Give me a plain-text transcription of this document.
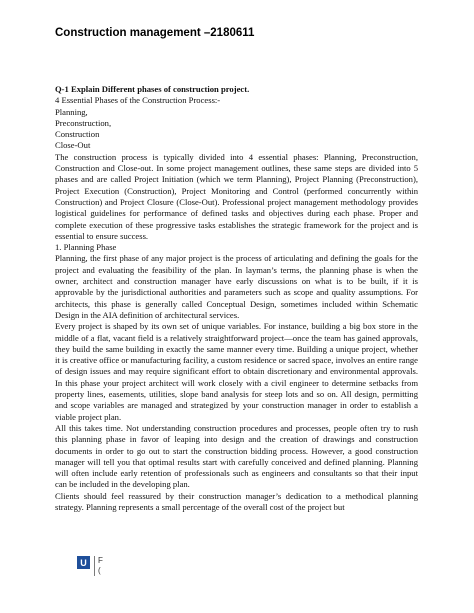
Construction management –2180611

Q-1 Explain Different phases of construction project.

4 Essential Phases of the Construction Process:-

Planning,

Preconstruction,

Construction

Close-Out

The construction process is typically divided into 4 essential phases: Planning, Preconstruction, Construction and Close-out. In some project management outlines, these same steps are divided into 5 phases and are called Project Initiation (which we term Planning), Project Planning (Preconstruction), Project Execution (Construction), Project Monitoring and Control (performed concurrently within Construction) and Project Closure (Close-Out). Professional project management methodology provides logistical guidelines for performance of defined tasks and objectives during each phase. Proper and complete execution of these progressive tasks establishes the strategic framework for the project and is essential to ensure success.

1. Planning Phase

Planning, the first phase of any major project is the process of articulating and defining the goals for the project and evaluating the feasibility of the plan. In layman’s terms, the planning phase is when the owner, architect and construction manager have early discussions on what is to be built, if it is approvable by the jurisdictional authorities and parameters such as scope and quality assumptions. For architects, this phase is generally called Conceptual Design, sometimes included within Schematic Design in the AIA definition of architectural services.

Every project is shaped by its own set of unique variables. For instance, building a big box store in the middle of a flat, vacant field is a relatively straightforward project—once the team has gained approvals, they build the same building in exactly the same manner every time. Building a unique project, whether it is creative office or manufacturing facility, a custom residence or sacred space, involves an entire range of design issues and may require significant effort to obtain discretionary and environmental approvals. In this phase your project architect will work closely with a civil engineer to determine setbacks from property lines, easements, utilities, slope band analysis for steep lots and so on. All design, permitting and scope variables are managed and strategized by your construction manager in order to establish a viable project plan.

All this takes time. Not understanding construction procedures and processes, people often try to rush this planning phase in favor of leaping into design and the creation of drawings and construction documents in order to go out to start the construction bidding process. However, a good construction manager will tell you that optimal results start with carefully conceived and defined planning. Planning will often include early retention of professionals such as engineers and consultants so that their input can be included in the developing plan.

Clients should feel reassured by their construction manager’s dedication to a methodical planning strategy. Planning represents a small percentage of the overall cost of the project but

U	F
(
